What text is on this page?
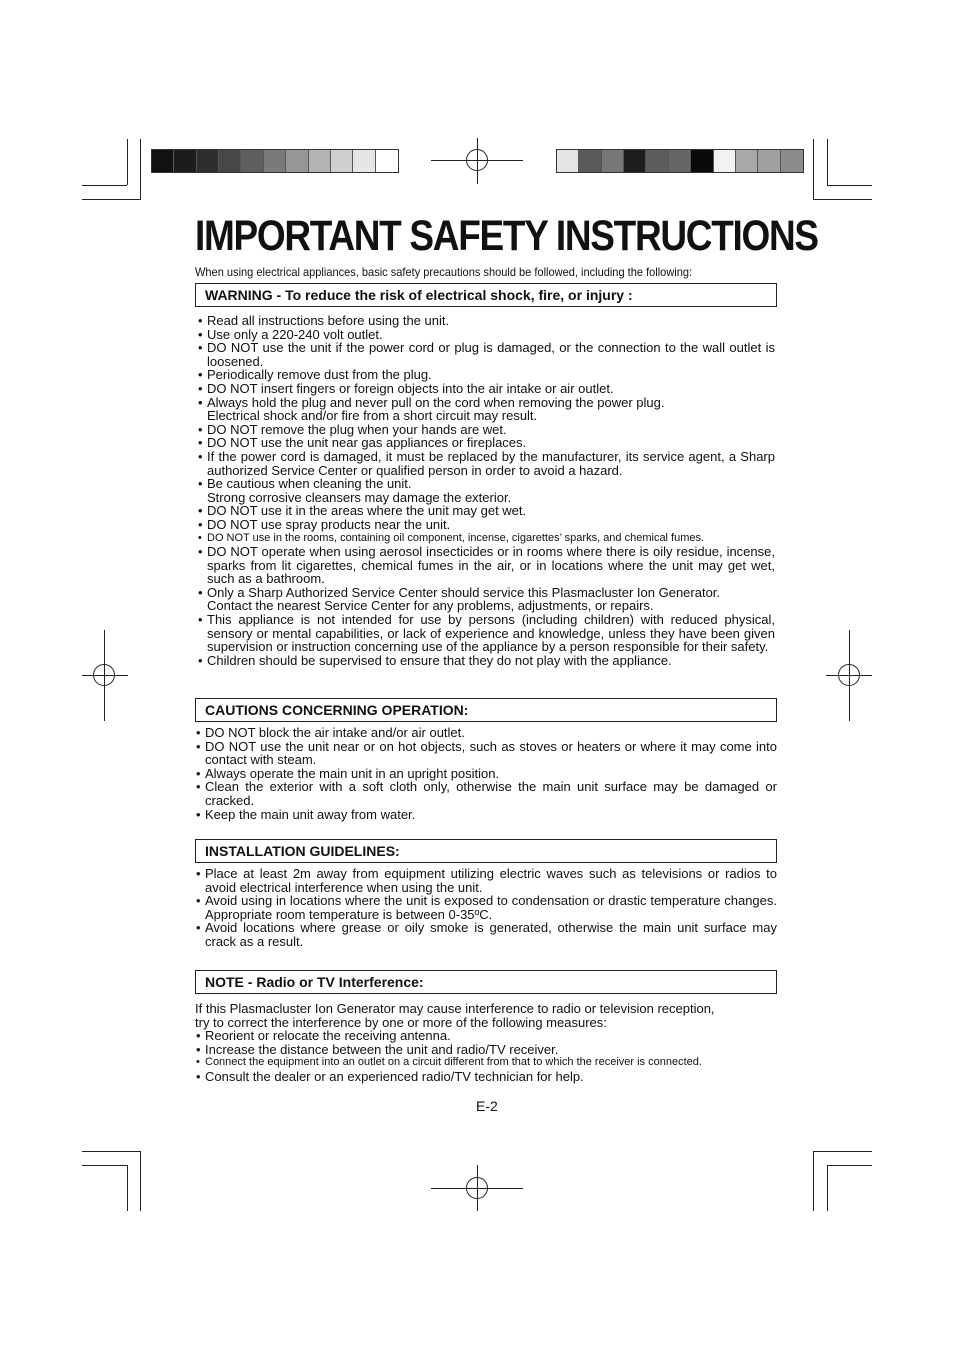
IMPORTANT SAFETY INSTRUCTIONS
When using electrical appliances, basic safety precautions should be followed, including the following:
WARNING - To reduce the risk of electrical shock, fire, or injury :
• Read all instructions before using the unit.
• Use only a 220-240 volt outlet.
• DO NOT use the unit if the power cord or plug is damaged, or the connection to the wall outlet is loosened.
• Periodically remove dust from the plug.
• DO NOT insert fingers or foreign objects into the air intake or air outlet.
• Always hold the plug and never pull on the cord when removing the power plug.
Electrical shock and/or fire from a short circuit may result.
• DO NOT remove the plug when your hands are wet.
• DO NOT use the unit near gas appliances or fireplaces.
• If the power cord is damaged, it must be replaced by the manufacturer, its service agent, a Sharp authorized Service Center or qualified person in order to avoid a hazard.
• Be cautious when cleaning the unit.
Strong corrosive cleansers may damage the exterior.
• DO NOT use it in the areas where the unit may get wet.
• DO NOT use spray products near the unit.
• DO NOT use in the rooms, containing oil component, incense, cigarettes’ sparks, and chemical fumes.
• DO NOT operate when using aerosol insecticides or in rooms where there is oily residue, incense, sparks from lit cigarettes, chemical fumes in the air, or in locations where the unit may get wet, such as a bathroom.
• Only a Sharp Authorized Service Center should service this Plasmacluster Ion Generator.
Contact the nearest Service Center for any problems, adjustments, or repairs.
• This appliance is not intended for use by persons (including children) with reduced physical, sensory or mental capabilities, or lack of experience and knowledge, unless they have been given supervision or instruction concerning use of the appliance by a person responsible for their safety.
• Children should be supervised to ensure that they do not play with the appliance.
CAUTIONS CONCERNING OPERATION:
• DO NOT block the air intake and/or air outlet.
• DO NOT use the unit near or on hot objects, such as stoves or heaters or where it may come into contact with steam.
• Always operate the main unit in an upright position.
• Clean the exterior with a soft cloth only, otherwise the main unit surface may be damaged or cracked.
• Keep the main unit away from water.
INSTALLATION GUIDELINES:
• Place at least 2m away from equipment utilizing electric waves such as televisions or radios to avoid electrical interference when using the unit.
• Avoid using in locations where the unit is exposed to condensation or drastic temperature changes. Appropriate room temperature is between 0-35ºC.
• Avoid locations where grease or oily smoke is generated, otherwise the main unit surface may crack as a result.
NOTE - Radio or TV Interference:
If this Plasmacluster Ion Generator may cause interference to radio or television reception,
try to correct the interference by one or more of the following measures:
• Reorient or relocate the receiving antenna.
• Increase the distance between the unit and radio/TV receiver.
• Connect the equipment into an outlet on a circuit different from that to which the receiver is connected.
• Consult the dealer or an experienced radio/TV technician for help.
E-2
